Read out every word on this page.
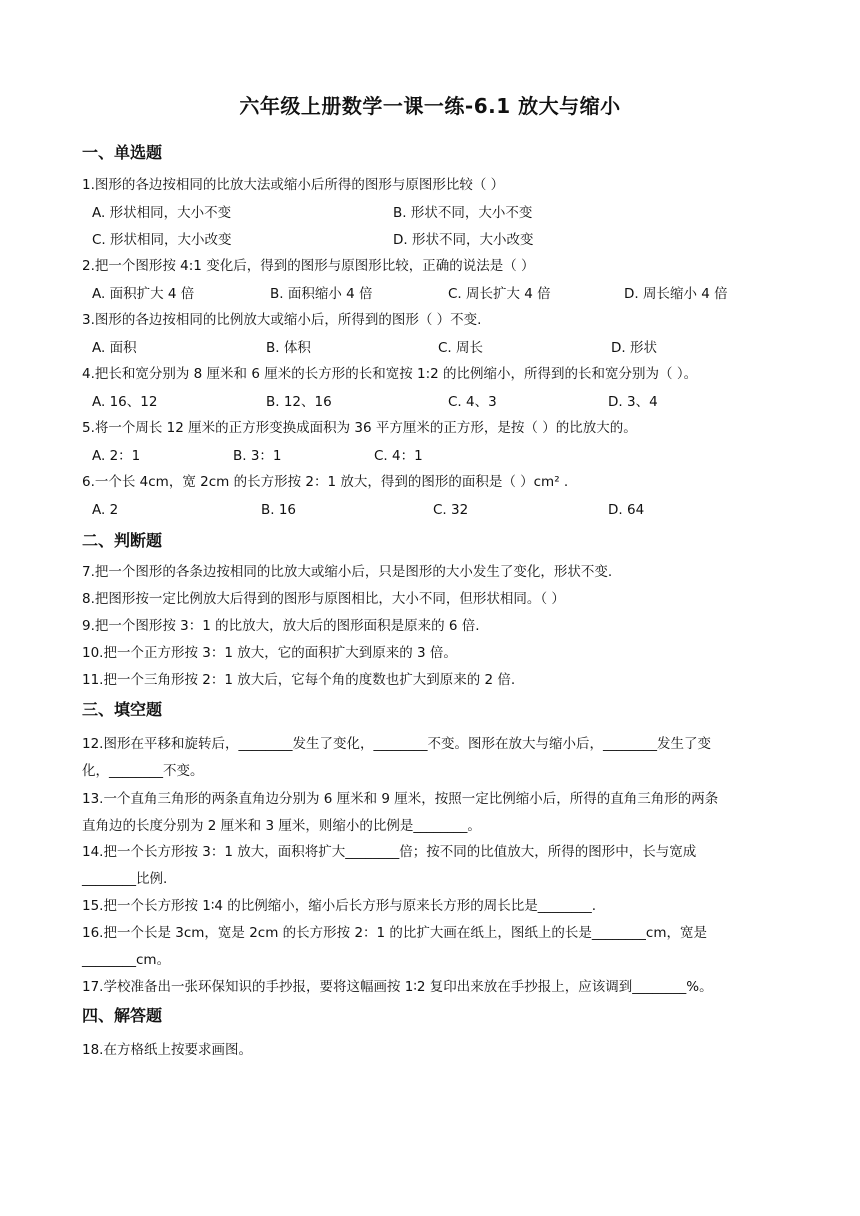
六年级上册数学一课一练-6.1 放大与缩小
一、单选题
1.图形的各边按相同的比放大法或缩小后所得的图形与原图形比较（ ）
A. 形状相同，大小不变	B. 形状不同，大小不变
C. 形状相同，大小改变	D. 形状不同，大小改变
2.把一个图形按 4:1 变化后，得到的图形与原图形比较，正确的说法是（ ）
A. 面积扩大 4 倍	B. 面积缩小 4 倍	C. 周长扩大 4 倍	D. 周长缩小 4 倍
3.图形的各边按相同的比例放大或缩小后，所得到的图形（ ）不变.
A. 面积	B. 体积	C. 周长	D. 形状
4.把长和宽分别为 8 厘米和 6 厘米的长方形的长和宽按 1:2 的比例缩小，所得到的长和宽分别为（ ）。
A. 16、12	B. 12、16	C. 4、3	D. 3、4
5.将一个周长 12 厘米的正方形变换成面积为 36 平方厘米的正方形，是按（ ）的比放大的。
A. 2：1	B. 3：1	C. 4：1
6.一个长 4cm，宽 2cm 的长方形按 2：1 放大，得到的图形的面积是（ ）cm² .
A. 2	B. 16	C. 32	D. 64
二、判断题
7.把一个图形的各条边按相同的比放大或缩小后，只是图形的大小发生了变化，形状不变.
8.把图形按一定比例放大后得到的图形与原图相比，大小不同，但形状相同。（ ）
9.把一个图形按 3：1 的比放大，放大后的图形面积是原来的 6 倍.
10.把一个正方形按 3：1 放大，它的面积扩大到原来的 3 倍。
11.把一个三角形按 2：1 放大后，它每个角的度数也扩大到原来的 2 倍.
三、填空题
12.图形在平移和旋转后，________发生了变化，________不变。图形在放大与缩小后，________发生了变
化，________不变。
13.一个直角三角形的两条直角边分别为 6 厘米和 9 厘米，按照一定比例缩小后，所得的直角三角形的两条
直角边的长度分别为 2 厘米和 3 厘米，则缩小的比例是________。
14.把一个长方形按 3：1 放大，面积将扩大________倍；按不同的比值放大，所得的图形中，长与宽成
________比例.
15.把一个长方形按 1∶4 的比例缩小，缩小后长方形与原来长方形的周长比是________.
16.把一个长是 3cm，宽是 2cm 的长方形按 2：1 的比扩大画在纸上，图纸上的长是________cm，宽是
________cm。
17.学校准备出一张环保知识的手抄报，要将这幅画按 1∶2 复印出来放在手抄报上，应该调到________%。
四、解答题
18.在方格纸上按要求画图。
